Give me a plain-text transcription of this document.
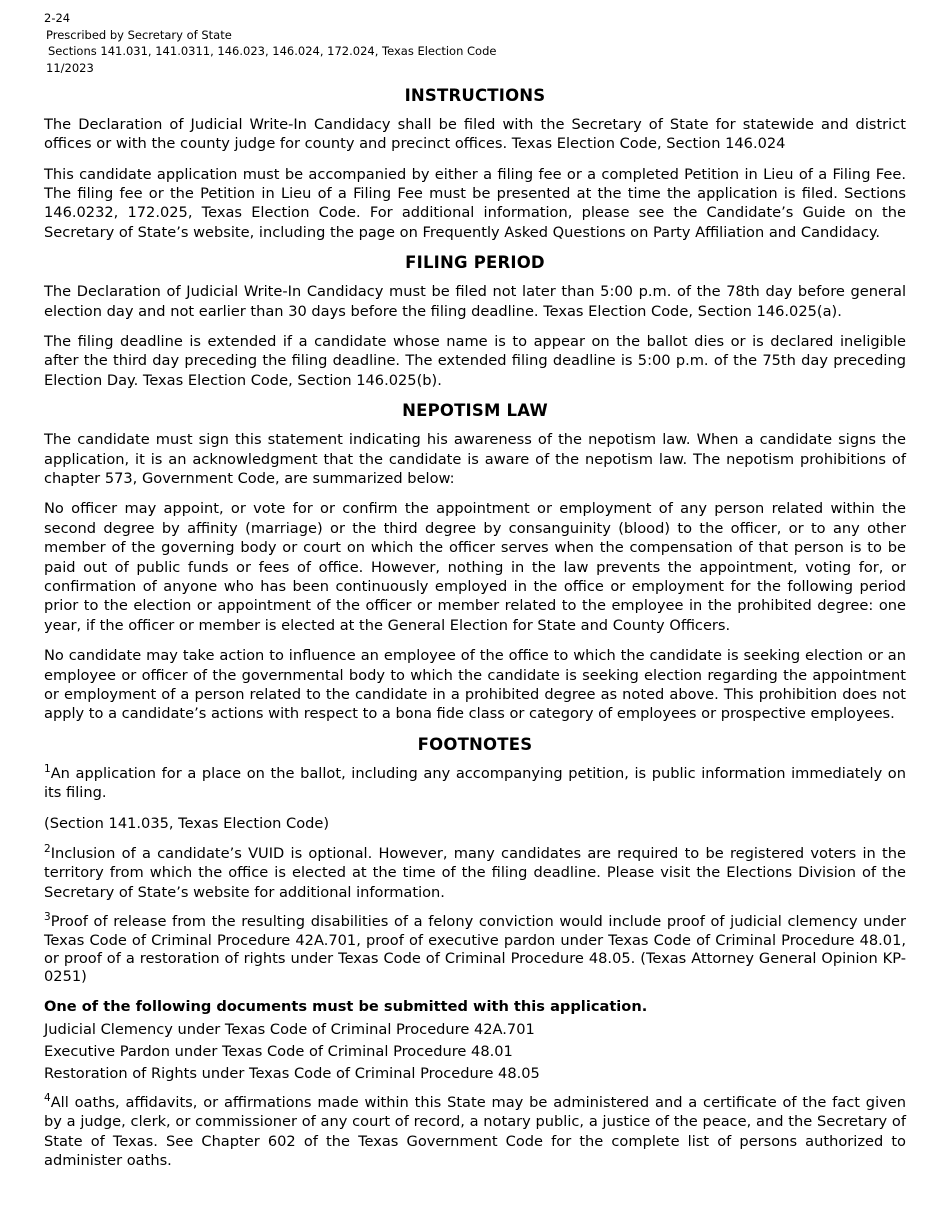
2-24
Prescribed by Secretary of State
Sections 141.031, 141.0311, 146.023, 146.024, 172.024, Texas Election Code
11/2023
INSTRUCTIONS

The Declaration of Judicial Write-In Candidacy shall be filed with the Secretary of State for statewide and district offices or with the county judge for county and precinct offices. Texas Election Code, Section 146.024

This candidate application must be accompanied by either a filing fee or a completed Petition in Lieu of a Filing Fee. The filing fee or the Petition in Lieu of a Filing Fee must be presented at the time the application is filed. Sections 146.0232, 172.025, Texas Election Code. For additional information, please see the Candidate’s Guide on the Secretary of State’s website, including the page on Frequently Asked Questions on Party Affiliation and Candidacy.

FILING PERIOD

The Declaration of Judicial Write-In Candidacy must be filed not later than 5:00 p.m. of the 78th day before general election day and not earlier than 30 days before the filing deadline. Texas Election Code, Section 146.025(a).

The filing deadline is extended if a candidate whose name is to appear on the ballot dies or is declared ineligible after the third day preceding the filing deadline. The extended filing deadline is 5:00 p.m. of the 75th day preceding Election Day. Texas Election Code, Section 146.025(b).

NEPOTISM LAW

The candidate must sign this statement indicating his awareness of the nepotism law. When a candidate signs the application, it is an acknowledgment that the candidate is aware of the nepotism law. The nepotism prohibitions of chapter 573, Government Code, are summarized below:

No officer may appoint, or vote for or confirm the appointment or employment of any person related within the second degree by affinity (marriage) or the third degree by consanguinity (blood) to the officer, or to any other member of the governing body or court on which the officer serves when the compensation of that person is to be paid out of public funds or fees of office. However, nothing in the law prevents the appointment, voting for, or confirmation of anyone who has been continuously employed in the office or employment for the following period prior to the election or appointment of the officer or member related to the employee in the prohibited degree: one year, if the officer or member is elected at the General Election for State and County Officers.

No candidate may take action to influence an employee of the office to which the candidate is seeking election or an employee or officer of the governmental body to which the candidate is seeking election regarding the appointment or employment of a person related to the candidate in a prohibited degree as noted above. This prohibition does not apply to a candidate’s actions with respect to a bona fide class or category of employees or prospective employees.

FOOTNOTES
$^1$An application for a place on the ballot, including any accompanying petition, is public information immediately on its filing.
(Section 141.035, Texas Election Code)
$^2$Inclusion of a candidate’s VUID is optional. However, many candidates are required to be registered voters in the territory from which the office is elected at the time of the filing deadline. Please visit the Elections Division of the Secretary of State’s website for additional information.
$^3$Proof of release from the resulting disabilities of a felony conviction would include proof of judicial clemency under Texas Code of Criminal Procedure 42A.701, proof of executive pardon under Texas Code of Criminal Procedure 48.01, or proof of a restoration of rights under Texas Code of Criminal Procedure 48.05. (Texas Attorney General Opinion KP-0251)
One of the following documents must be submitted with this application.
Judicial Clemency under Texas Code of Criminal Procedure 42A.701
Executive Pardon under Texas Code of Criminal Procedure 48.01
Restoration of Rights under Texas Code of Criminal Procedure 48.05
$^4$All oaths, affidavits, or affirmations made within this State may be administered and a certificate of the fact given by a judge, clerk, or commissioner of any court of record, a notary public, a justice of the peace, and the Secretary of State of Texas. See Chapter 602 of the Texas Government Code for the complete list of persons authorized to administer oaths.
